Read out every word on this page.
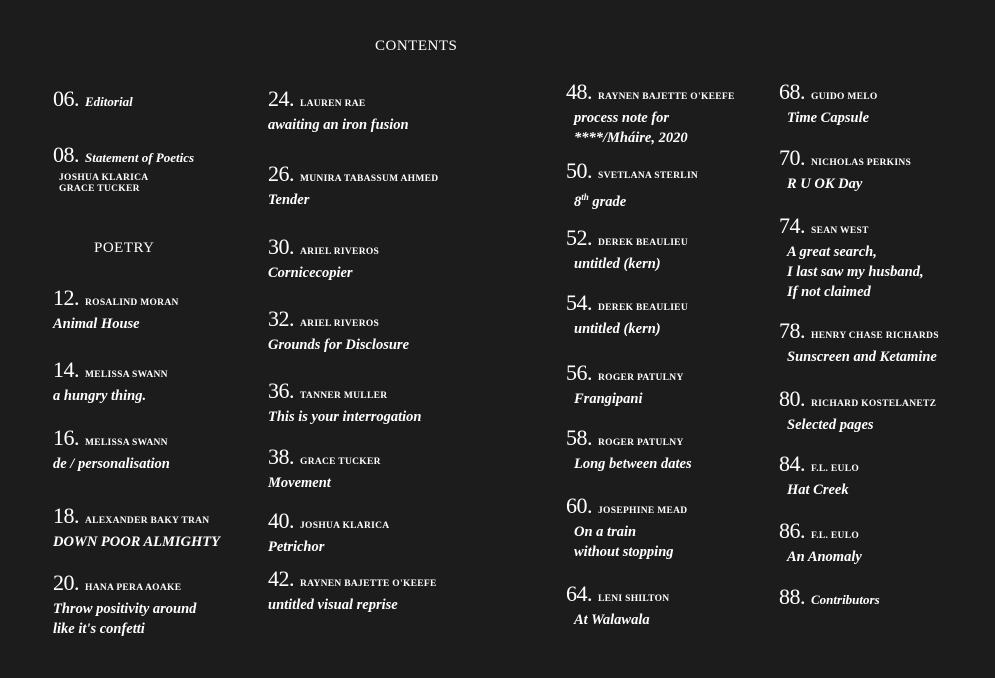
CONTENTS
POETRY
06. Editorial
08. Statement of Poetics
JOSHUA KLARICA
GRACE TUCKER
12. ROSALIND MORAN
Animal House
14. MELISSA SWANN
a hungry thing.
16. MELISSA SWANN
de / personalisation
18. ALEXANDER BAKY TRAN
DOWN POOR ALMIGHTY
20. HANA PERA AOAKE
Throw positivity around
like it's confetti
24. LAUREN RAE
awaiting an iron fusion
26. MUNIRA TABASSUM AHMED
Tender
30. ARIEL RIVEROS
Cornicecopier
32. ARIEL RIVEROS
Grounds for Disclosure
36. TANNER MULLER
This is your interrogation
38. GRACE TUCKER
Movement
40. JOSHUA KLARICA
Petrichor
42. RAYNEN BAJETTE O'KEEFE
untitled visual reprise
48. RAYNEN BAJETTE O'KEEFE
process note for
****/Mháire, 2020
50. SVETLANA STERLIN
8th grade
52. DEREK BEAULIEU
untitled (kern)
54. DEREK BEAULIEU
untitled (kern)
56. ROGER PATULNY
Frangipani
58. ROGER PATULNY
Long between dates
60. JOSEPHINE MEAD
On a train
without stopping
64. LENI SHILTON
At Walawala
68. GUIDO MELO
Time Capsule
70. NICHOLAS PERKINS
R U OK Day
74. SEAN WEST
A great search,
I last saw my husband,
If not claimed
78. HENRY CHASE RICHARDS
Sunscreen and Ketamine
80. RICHARD KOSTELANETZ
Selected pages
84. F.L. EULO
Hat Creek
86. F.L. EULO
An Anomaly
88. Contributors
